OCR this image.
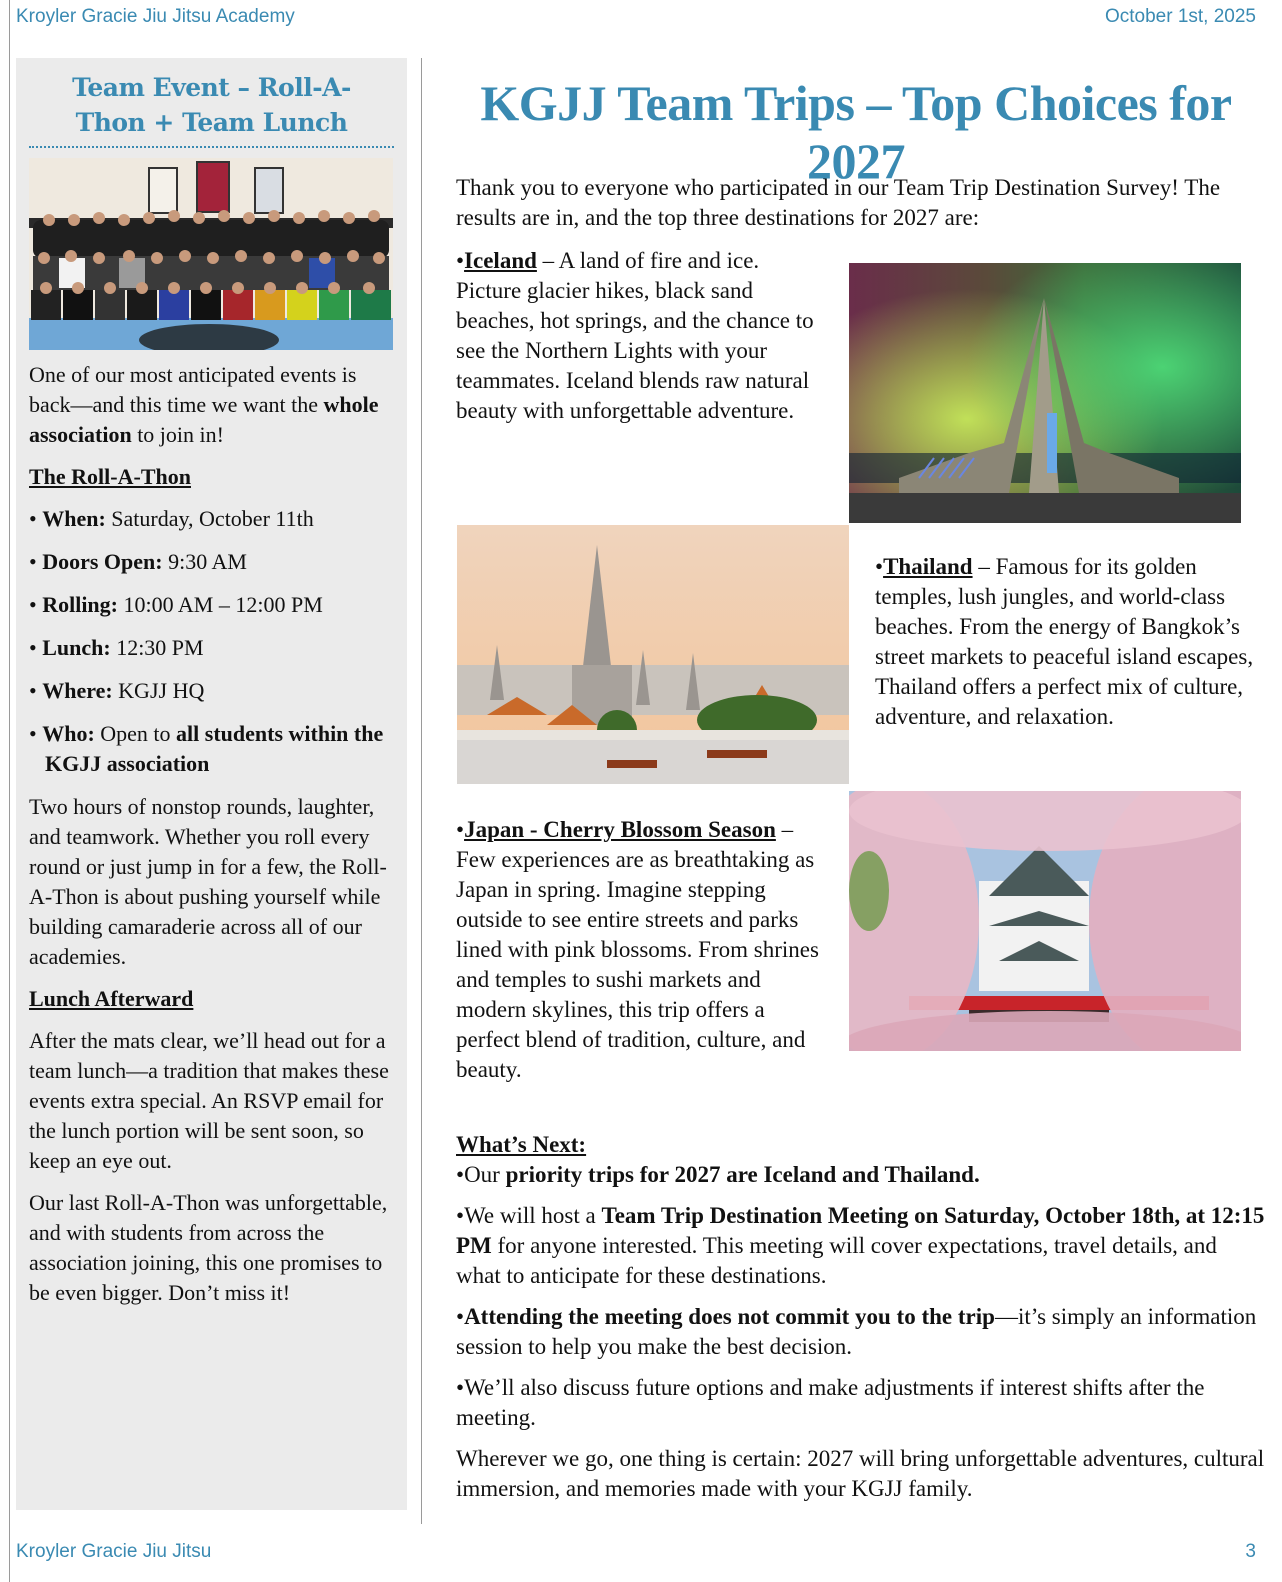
Kroyler Gracie Jiu Jitsu Academy	October 1st, 2025
Team Event – Roll-A-Thon + Team Lunch

One of our most anticipated events is back—and this time we want the whole association to join in!

The Roll-A-Thon

• When: Saturday, October 11th
• Doors Open: 9:30 AM
• Rolling: 10:00 AM – 12:00 PM
• Lunch: 12:30 PM
• Where: KGJJ HQ
• Who: Open to all students within the KGJJ association

Two hours of nonstop rounds, laughter, and teamwork. Whether you roll every round or just jump in for a few, the Roll-A-Thon is about pushing yourself while building camaraderie across all of our academies.

Lunch Afterward

After the mats clear, we’ll head out for a team lunch—a tradition that makes these events extra special. An RSVP email for the lunch portion will be sent soon, so keep an eye out.

Our last Roll-A-Thon was unforgettable, and with students from across the association joining, this one promises to be even bigger. Don’t miss it!

KGJJ Team Trips – Top Choices for 2027

Thank you to everyone who participated in our Team Trip Destination Survey! The results are in, and the top three destinations for 2027 are:

•Iceland – A land of fire and ice. Picture glacier hikes, black sand beaches, hot springs, and the chance to see the Northern Lights with your teammates. Iceland blends raw natural beauty with unforgettable adventure.

•Thailand – Famous for its golden temples, lush jungles, and world-class beaches. From the energy of Bangkok’s street markets to peaceful island escapes, Thailand offers a perfect mix of culture, adventure, and relaxation.

•Japan - Cherry Blossom Season – Few experiences are as breathtaking as Japan in spring. Imagine stepping outside to see entire streets and parks lined with pink blossoms. From shrines and temples to sushi markets and modern skylines, this trip offers a perfect blend of tradition, culture, and beauty.

What’s Next:

•Our priority trips for 2027 are Iceland and Thailand.

•We will host a Team Trip Destination Meeting on Saturday, October 18th, at 12:15 PM for anyone interested. This meeting will cover expectations, travel details, and what to anticipate for these destinations.

•Attending the meeting does not commit you to the trip—it’s simply an information session to help you make the best decision.

•We’ll also discuss future options and make adjustments if interest shifts after the meeting.

Wherever we go, one thing is certain: 2027 will bring unforgettable adventures, cultural immersion, and memories made with your KGJJ family.

Kroyler Gracie Jiu Jitsu	3
